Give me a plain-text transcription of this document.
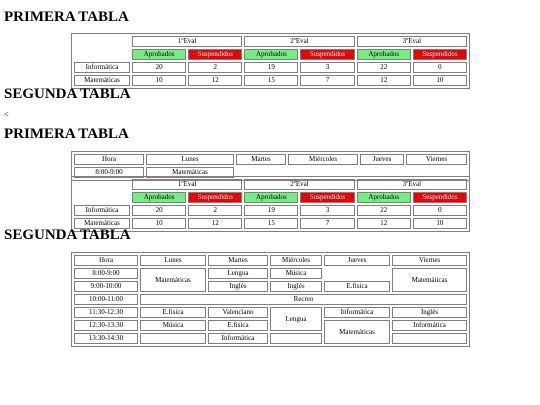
PRIMERA TABLA
	1ºEval		2ºEval		3ºEval	
	Aprobados	Suspendidos	Aprobados	Suspendidos	Aprobados	Suspendidos
Informática	20	2	19	3	22	0
Matemáticas	10	12	15	7	12	10
SEGUNDA TABLA
<
PRIMERA TABLA
Hora	Lunes	Martes	Miércoles	Jueves	Viernes
8:00-9:00	Matemáticas				
	1ºEval		2ºEval		3ºEval	
	Aprobados	Suspendidos	Aprobados	Suspendidos	Aprobados	Suspendidos
Informática	20	2	19	3	22	0
Matemáticas	10	12	15	7	12	10
SEGUNDA TABLA
Hora	Lunes	Martes	Miércoles	Jueves	Viernes
8:00-9:00	Matemáticas	Lengua	Música		Matemáticas
9:00-10:00		Inglés	Inglés	E.fisica	
10:00-11:00	Recreo				
11:30-12:30	E.fisica	Valenciano	Lengua	Informática	Inglés
12:30-13:30	Música	E.fisica		Matemáticas	Informática
13:30-14:30		Informática			
